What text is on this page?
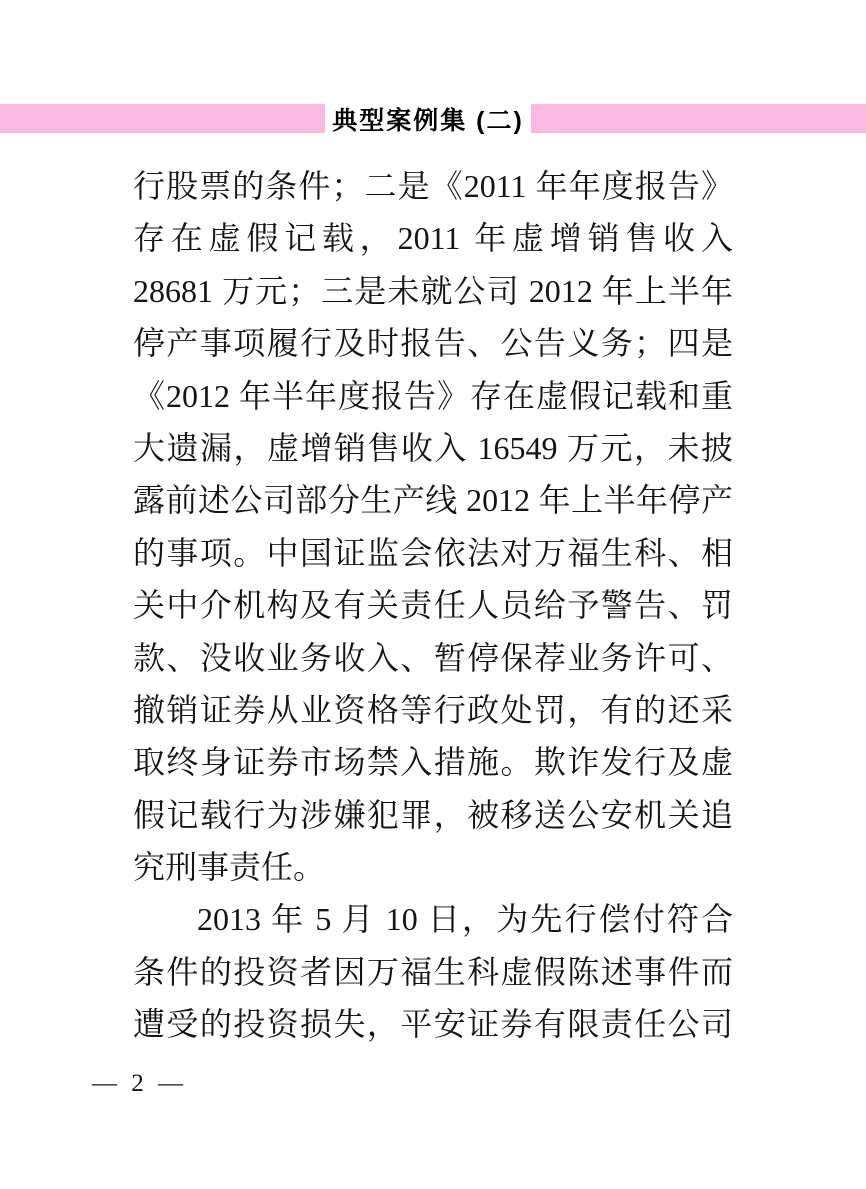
典型案例集 (二)
行股票的条件；二是《2011 年年度报告》
存在虚假记载，2011 年虚增销售收入
28681 万元；三是未就公司 2012 年上半年
停产事项履行及时报告、公告义务；四是
《2012 年半年度报告》存在虚假记载和重
大遗漏，虚增销售收入 16549 万元，未披
露前述公司部分生产线 2012 年上半年停产
的事项。中国证监会依法对万福生科、相
关中介机构及有关责任人员给予警告、罚
款、没收业务收入、暂停保荐业务许可、
撤销证券从业资格等行政处罚，有的还采
取终身证券市场禁入措施。欺诈发行及虚
假记载行为涉嫌犯罪，被移送公安机关追
究刑事责任。
2013 年 5 月 10 日，为先行偿付符合
条件的投资者因万福生科虚假陈述事件而
遭受的投资损失，平安证券有限责任公司
— 2 —
